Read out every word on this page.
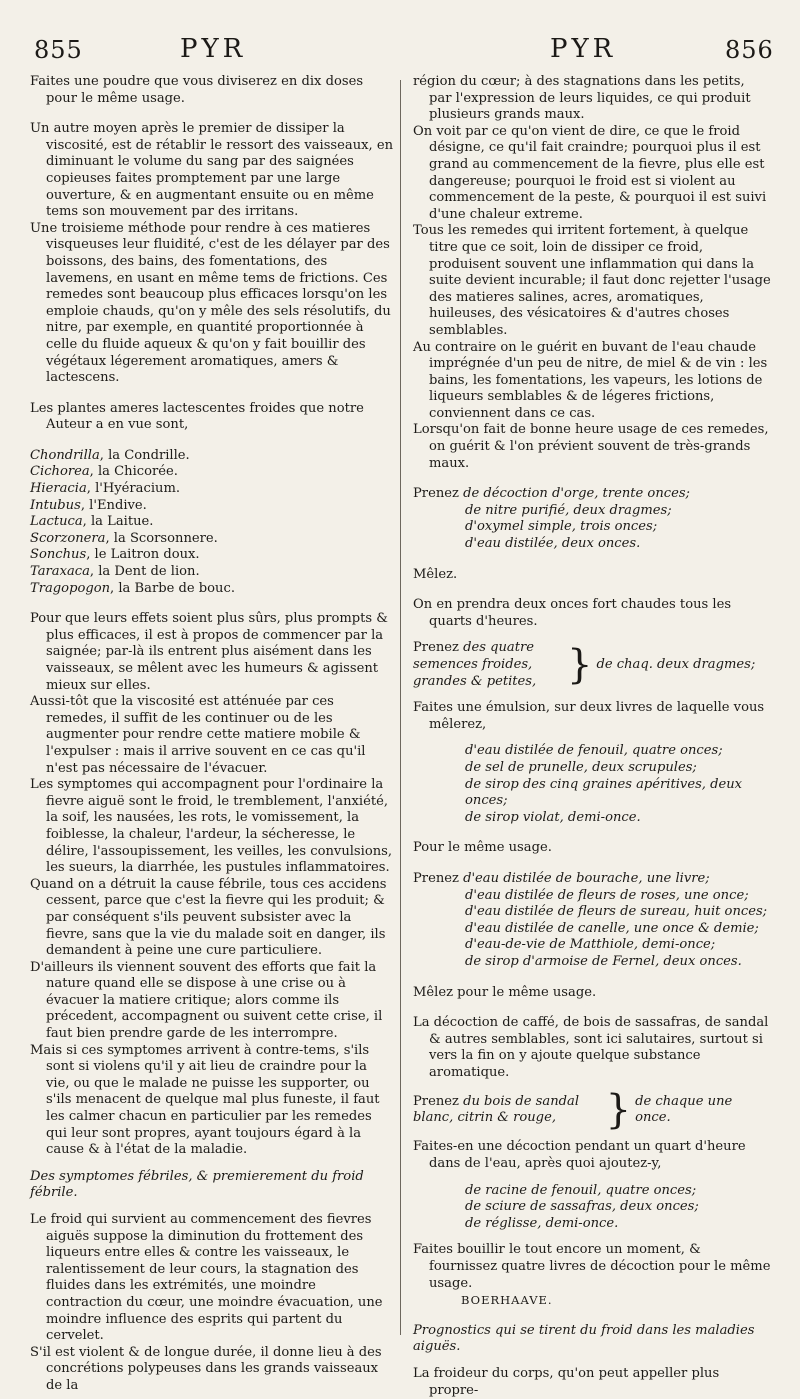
855	PYR	PYR	856

Faites une poudre que vous diviserez en dix doses pour le même usage.

Un autre moyen après le premier de dissiper la viscosité, est de rétablir le ressort des vaisseaux, en diminuant le volume du sang par des saignées copieuses faites promptement par une large ouverture, & en augmentant ensuite ou en même tems son mouvement par des irritans.

Une troisieme méthode pour rendre à ces matieres visqueuses leur fluidité, c'est de les délayer par des boissons, des bains, des fomentations, des lavemens, en usant en même tems de frictions. Ces remedes sont beaucoup plus efficaces lorsqu'on les emploie chauds, qu'on y mêle des sels résolutifs, du nitre, par exemple, en quantité proportionnée à celle du fluide aqueux & qu'on y fait bouillir des végétaux légerement aromatiques, amers & lactescens.

Les plantes ameres lactescentes froides que notre Auteur a en vue sont,

Chondrilla, la Condrille.

Cichorea, la Chicorée.

Hieracia, l'Hyéracium.

Intubus, l'Endive.

Lactuca, la Laitue.

Scorzonera, la Scorsonnere.

Sonchus, le Laitron doux.

Taraxaca, la Dent de lion.

Tragopogon, la Barbe de bouc.

Pour que leurs effets soient plus sûrs, plus prompts & plus efficaces, il est à propos de commencer par la saignée; par-là ils entrent plus aisément dans les vaisseaux, se mêlent avec les humeurs & agissent mieux sur elles.

Aussi-tôt que la viscosité est atténuée par ces remedes, il suffit de les continuer ou de les augmenter pour rendre cette matiere mobile & l'expulser : mais il arrive souvent en ce cas qu'il n'est pas nécessaire de l'évacuer.

Les symptomes qui accompagnent pour l'ordinaire la fievre aiguë sont le froid, le tremblement, l'anxiété, la soif, les nausées, les rots, le vomissement, la foiblesse, la chaleur, l'ardeur, la sécheresse, le délire, l'assoupissement, les veilles, les convulsions, les sueurs, la diarrhée, les pustules inflammatoires.

Quand on a détruit la cause fébrile, tous ces accidens cessent, parce que c'est la fievre qui les produit; & par conséquent s'ils peuvent subsister avec la fievre, sans que la vie du malade soit en danger, ils demandent à peine une cure particuliere.

D'ailleurs ils viennent souvent des efforts que fait la nature quand elle se dispose à une crise ou à évacuer la matiere critique; alors comme ils précedent, accompagnent ou suivent cette crise, il faut bien prendre garde de les interrompre.

Mais si ces symptomes arrivent à contre-tems, s'ils sont si violens qu'il y ait lieu de craindre pour la vie, ou que le malade ne puisse les supporter, ou s'ils menacent de quelque mal plus funeste, il faut les calmer chacun en particulier par les remedes qui leur sont propres, ayant toujours égard à la cause & à l'état de la maladie.

Des symptomes fébriles, & premierement du froid fébrile.

Le froid qui survient au commencement des fievres aiguës suppose la diminution du frottement des liqueurs entre elles & contre les vaisseaux, le ralentissement de leur cours, la stagnation des fluides dans les extrémités, une moindre contraction du cœur, une moindre évacuation, une moindre influence des esprits qui partent du cervelet.

S'il est violent & de longue durée, il donne lieu à des concrétions polypeuses dans les grands vaisseaux de la

région du cœur; à des stagnations dans les petits, par l'expression de leurs liquides, ce qui produit plusieurs grands maux.

On voit par ce qu'on vient de dire, ce que le froid désigne, ce qu'il fait craindre; pourquoi plus il est grand au commencement de la fievre, plus elle est dangereuse; pourquoi le froid est si violent au commencement de la peste, & pourquoi il est suivi d'une chaleur extreme.

Tous les remedes qui irritent fortement, à quelque titre que ce soit, loin de dissiper ce froid, produisent souvent une inflammation qui dans la suite devient incurable; il faut donc rejetter l'usage des matieres salines, acres, aromatiques, huileuses, des vésicatoires & d'autres choses semblables.

Au contraire on le guérit en buvant de l'eau chaude imprégnée d'un peu de nitre, de miel & de vin : les bains, les fomentations, les vapeurs, les lotions de liqueurs semblables & de légeres frictions, conviennent dans ce cas.

Lorsqu'on fait de bonne heure usage de ces remedes, on guérit & l'on prévient souvent de très-grands maux.

Prenez de décoction d'orge, trente onces;

de nitre purifié, deux dragmes;

d'oxymel simple, trois onces;

d'eau distilée, deux onces.

Mêlez.

On en prendra deux onces fort chaudes tous les quarts d'heures.

Prenez des quatre semences froides, grandes & petites, } de chaq. deux dragmes;

Faites une émulsion, sur deux livres de laquelle vous mêlerez,

d'eau distilée de fenouil, quatre onces;

de sel de prunelle, deux scrupules;

de sirop des cinq graines apéritives, deux onces;

de sirop violat, demi-once.

Pour le même usage.

Prenez d'eau distilée de bourache, une livre;

d'eau distilée de fleurs de roses, une once;

d'eau distilée de fleurs de sureau, huit onces;

d'eau distilée de canelle, une once & demie;

d'eau-de-vie de Matthiole, demi-once;

de sirop d'armoise de Fernel, deux onces.

Mêlez pour le même usage.

La décoction de caffé, de bois de sassafras, de sandal & autres semblables, sont ici salutaires, surtout si vers la fin on y ajoute quelque substance aromatique.

Prenez du bois de sandal blanc, citrin & rouge,	} de chaque une once.

Faites-en une décoction pendant un quart d'heure dans de l'eau, après quoi ajoutez-y,

de racine de fenouil, quatre onces;

de sciure de sassafras, deux onces;

de réglisse, demi-once.

Faites bouillir le tout encore un moment, & fournissez quatre livres de décoction pour le même usage.

BOERHAAVE.

Prognostics qui se tirent du froid dans les maladies aiguës.

La froideur du corps, qu'on peut appeller plus propre-
